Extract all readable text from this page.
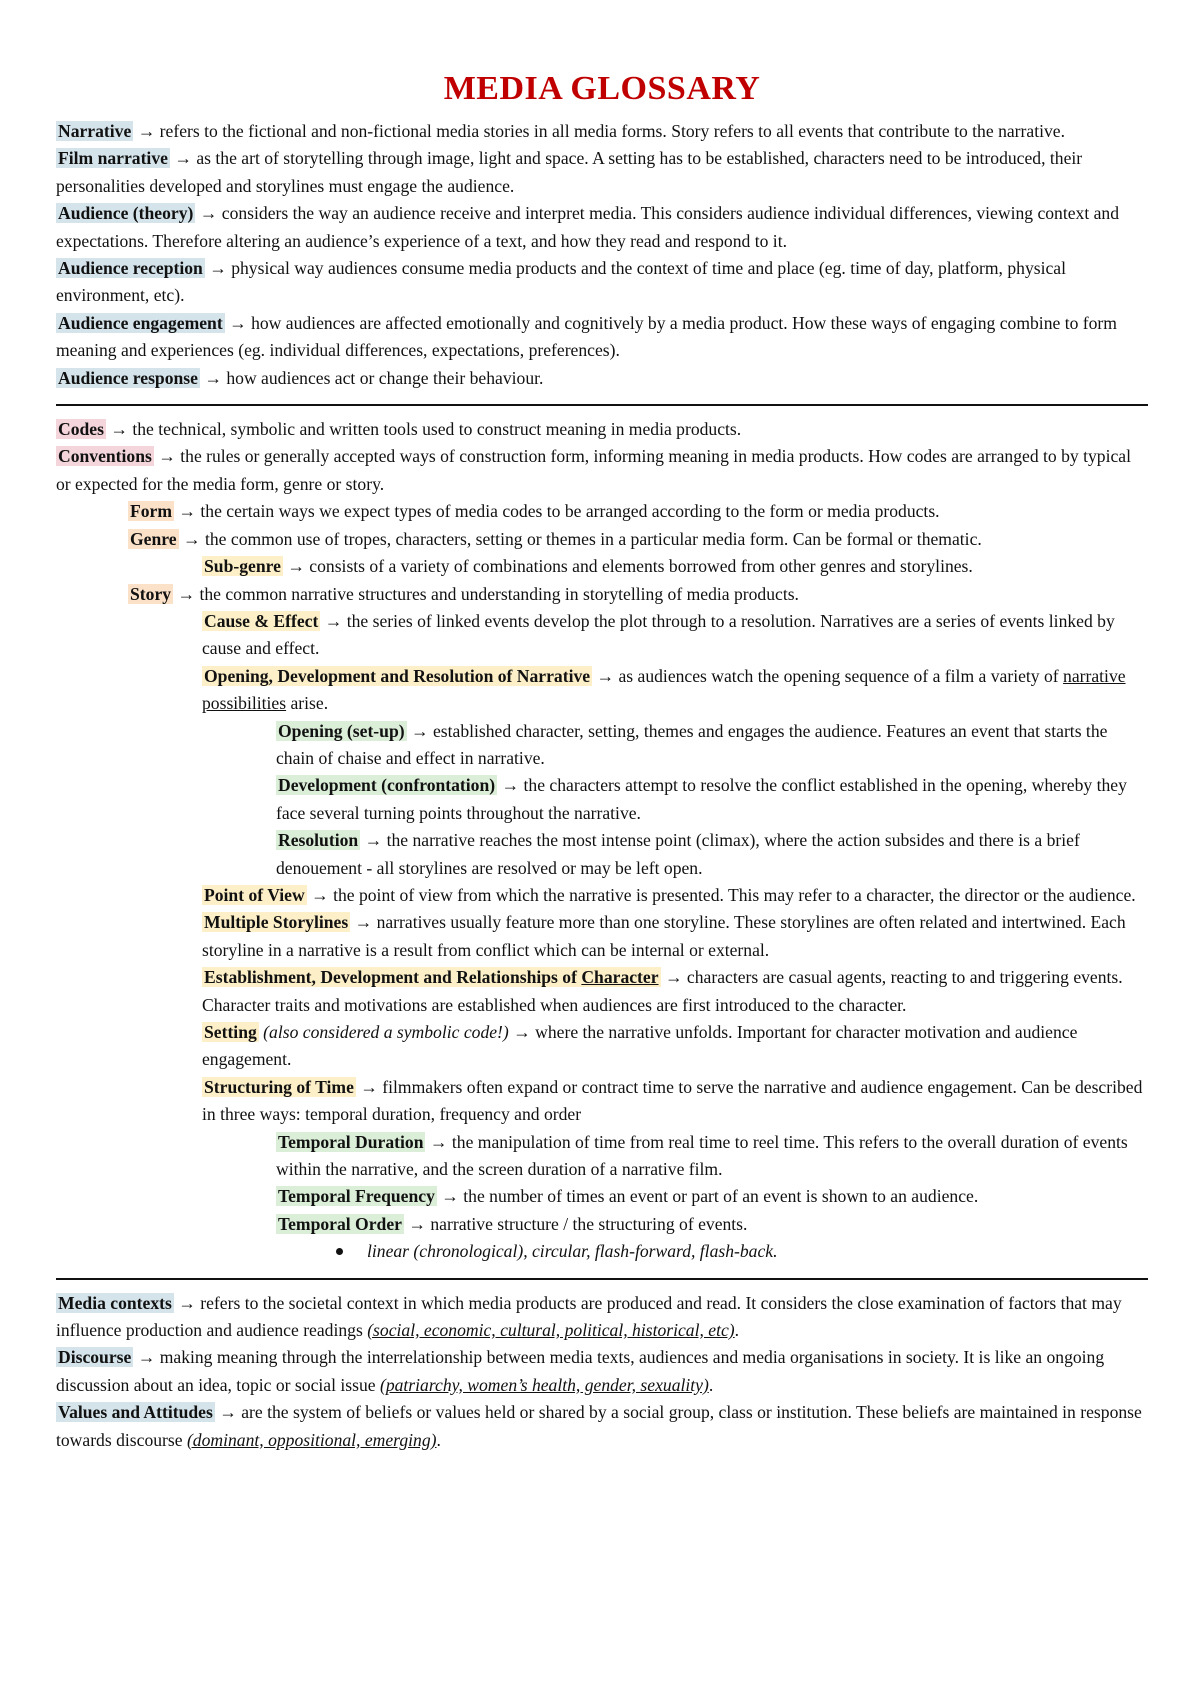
MEDIA GLOSSARY

Narrative → refers to the fictional and non-fictional media stories in all media forms. Story refers to all events that contribute to the narrative.

Film narrative → as the art of storytelling through image, light and space. A setting has to be established, characters need to be introduced, their personalities developed and storylines must engage the audience.

Audience (theory) → considers the way an audience receive and interpret media. This considers audience individual differences, viewing context and expectations. Therefore altering an audience’s experience of a text, and how they read and respond to it.

Audience reception → physical way audiences consume media products and the context of time and place (eg. time of day, platform, physical environment, etc).

Audience engagement → how audiences are affected emotionally and cognitively by a media product. How these ways of engaging combine to form meaning and experiences (eg. individual differences, expectations, preferences).

Audience response → how audiences act or change their behaviour.

Codes → the technical, symbolic and written tools used to construct meaning in media products.

Conventions → the rules or generally accepted ways of construction form, informing meaning in media products. How codes are arranged to by typical or expected for the media form, genre or story.

Form → the certain ways we expect types of media codes to be arranged according to the form or media products.

Genre → the common use of tropes, characters, setting or themes in a particular media form. Can be formal or thematic.

Sub-genre → consists of a variety of combinations and elements borrowed from other genres and storylines.

Story → the common narrative structures and understanding in storytelling of media products.

Cause & Effect → the series of linked events develop the plot through to a resolution. Narratives are a series of events linked by cause and effect.

Opening, Development and Resolution of Narrative → as audiences watch the opening sequence of a film a variety of narrative possibilities arise.

Opening (set-up) → established character, setting, themes and engages the audience. Features an event that starts the chain of chaise and effect in narrative.

Development (confrontation) → the characters attempt to resolve the conflict established in the opening, whereby they face several turning points throughout the narrative.

Resolution → the narrative reaches the most intense point (climax), where the action subsides and there is a brief denouement - all storylines are resolved or may be left open.

Point of View → the point of view from which the narrative is presented. This may refer to a character, the director or the audience.

Multiple Storylines → narratives usually feature more than one storyline. These storylines are often related and intertwined. Each storyline in a narrative is a result from conflict which can be internal or external.

Establishment, Development and Relationships of Character → characters are casual agents, reacting to and triggering events. Character traits and motivations are established when audiences are first introduced to the character.

Setting (also considered a symbolic code!) → where the narrative unfolds. Important for character motivation and audience engagement.

Structuring of Time → filmmakers often expand or contract time to serve the narrative and audience engagement. Can be described in three ways: temporal duration, frequency and order

Temporal Duration → the manipulation of time from real time to reel time. This refers to the overall duration of events within the narrative, and the screen duration of a narrative film.

Temporal Frequency → the number of times an event or part of an event is shown to an audience.

Temporal Order → narrative structure / the structuring of events.

linear (chronological), circular, flash-forward, flash-back.

Media contexts → refers to the societal context in which media products are produced and read. It considers the close examination of factors that may influence production and audience readings (social, economic, cultural, political, historical, etc).

Discourse → making meaning through the interrelationship between media texts, audiences and media organisations in society. It is like an ongoing discussion about an idea, topic or social issue (patriarchy, women’s health, gender, sexuality).

Values and Attitudes → are the system of beliefs or values held or shared by a social group, class or institution. These beliefs are maintained in response towards discourse (dominant, oppositional, emerging).
